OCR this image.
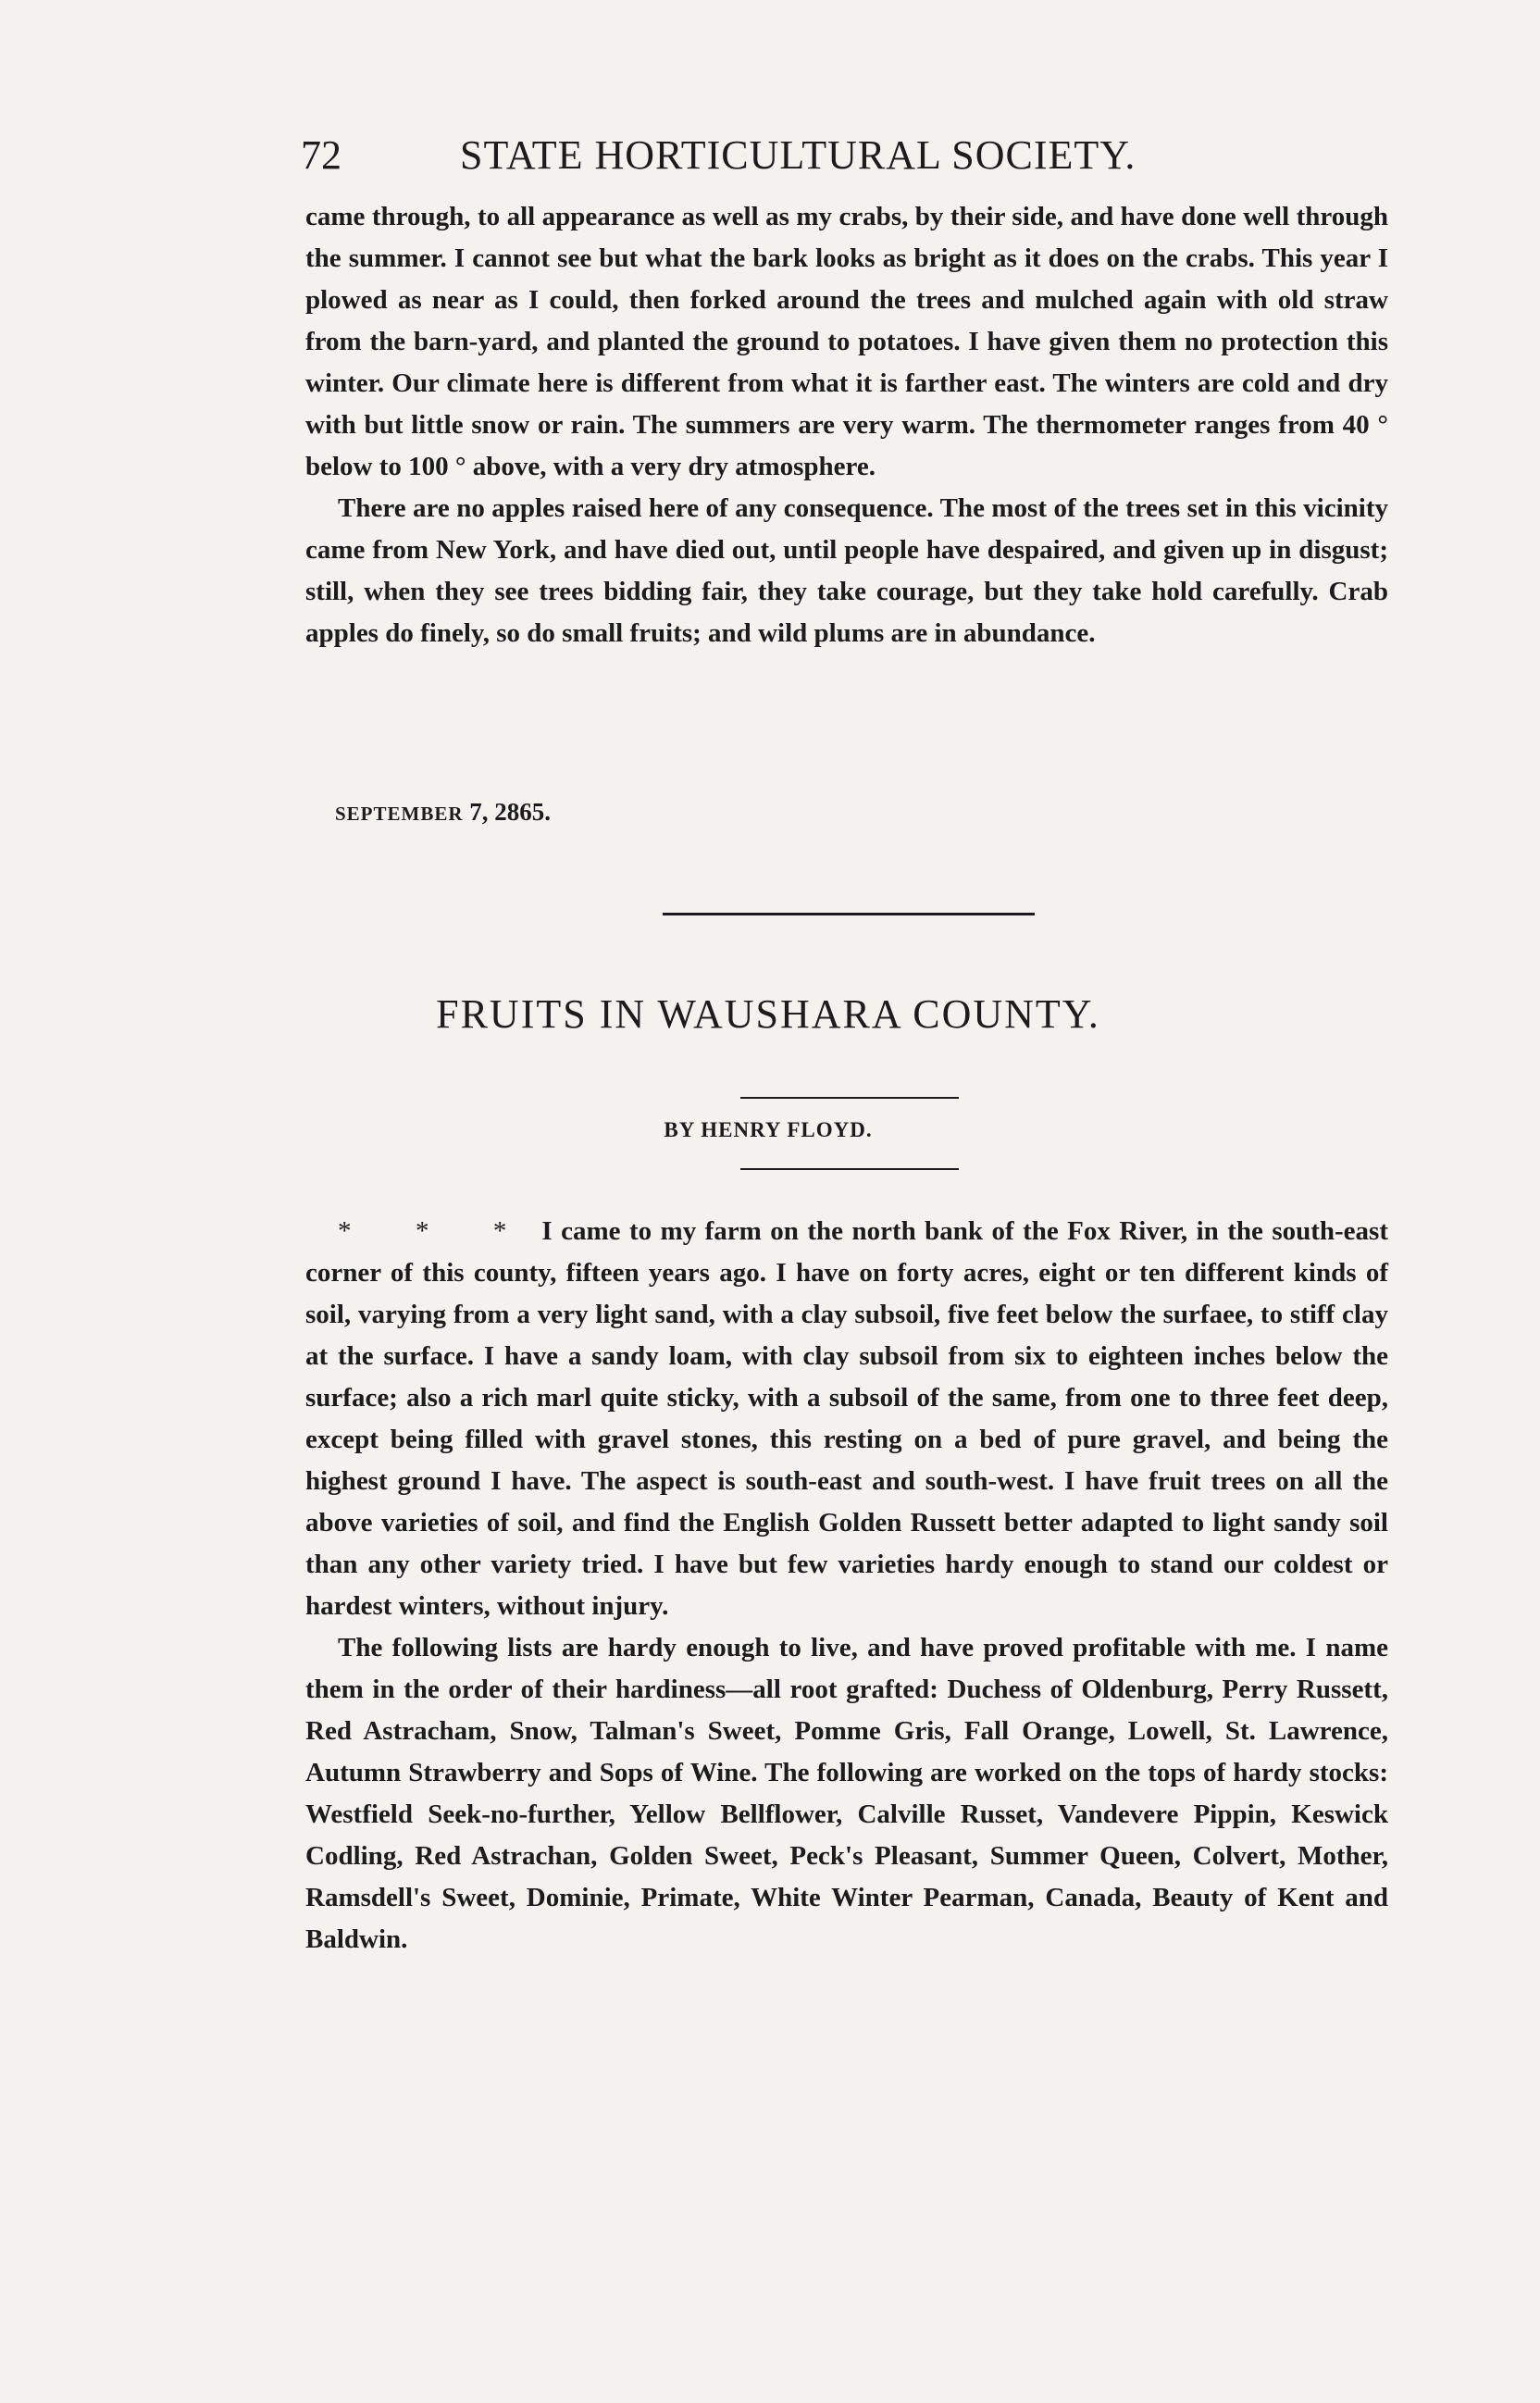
72	STATE HORTICULTURAL SOCIETY.

came through, to all appearance as well as my crabs, by their side, and have done well through the summer. I cannot see but what the bark looks as bright as it does on the crabs. This year I plowed as near as I could, then forked around the trees and mulched again with old straw from the barn-yard, and planted the ground to potatoes. I have given them no protection this winter. Our climate here is different from what it is farther east. The winters are cold and dry with but little snow or rain. The summers are very warm. The thermometer ranges from 40 ° below to 100 ° above, with a very dry atmosphere.

There are no apples raised here of any consequence. The most of the trees set in this vicinity came from New York, and have died out, until people have despaired, and given up in disgust; still, when they see trees bidding fair, they take courage, but they take hold carefully. Crab apples do finely, so do small fruits; and wild plums are in abundance.

SEPTEMBER 7, 2865.
FRUITS IN WAUSHARA COUNTY.
BY HENRY FLOYD.

* * * I came to my farm on the north bank of the Fox River, in the south-east corner of this county, fifteen years ago. I have on forty acres, eight or ten different kinds of soil, varying from a very light sand, with a clay subsoil, five feet below the surfaee, to stiff clay at the surface. I have a sandy loam, with clay subsoil from six to eighteen inches below the surface; also a rich marl quite sticky, with a subsoil of the same, from one to three feet deep, except being filled with gravel stones, this resting on a bed of pure gravel, and being the highest ground I have. The aspect is south-east and south-west. I have fruit trees on all the above varieties of soil, and find the English Golden Russett better adapted to light sandy soil than any other variety tried. I have but few varieties hardy enough to stand our coldest or hardest winters, without injury.

The following lists are hardy enough to live, and have proved profitable with me. I name them in the order of their hardiness—all root grafted: Duchess of Oldenburg, Perry Russett, Red Astracham, Snow, Talman's Sweet, Pomme Gris, Fall Orange, Lowell, St. Lawrence, Autumn Strawberry and Sops of Wine. The following are worked on the tops of hardy stocks: Westfield Seek-no-further, Yellow Bellflower, Calville Russet, Vandevere Pippin, Keswick Codling, Red Astrachan, Golden Sweet, Peck's Pleasant, Summer Queen, Colvert, Mother, Ramsdell's Sweet, Dominie, Primate, White Winter Pearman, Canada, Beauty of Kent and Baldwin.
